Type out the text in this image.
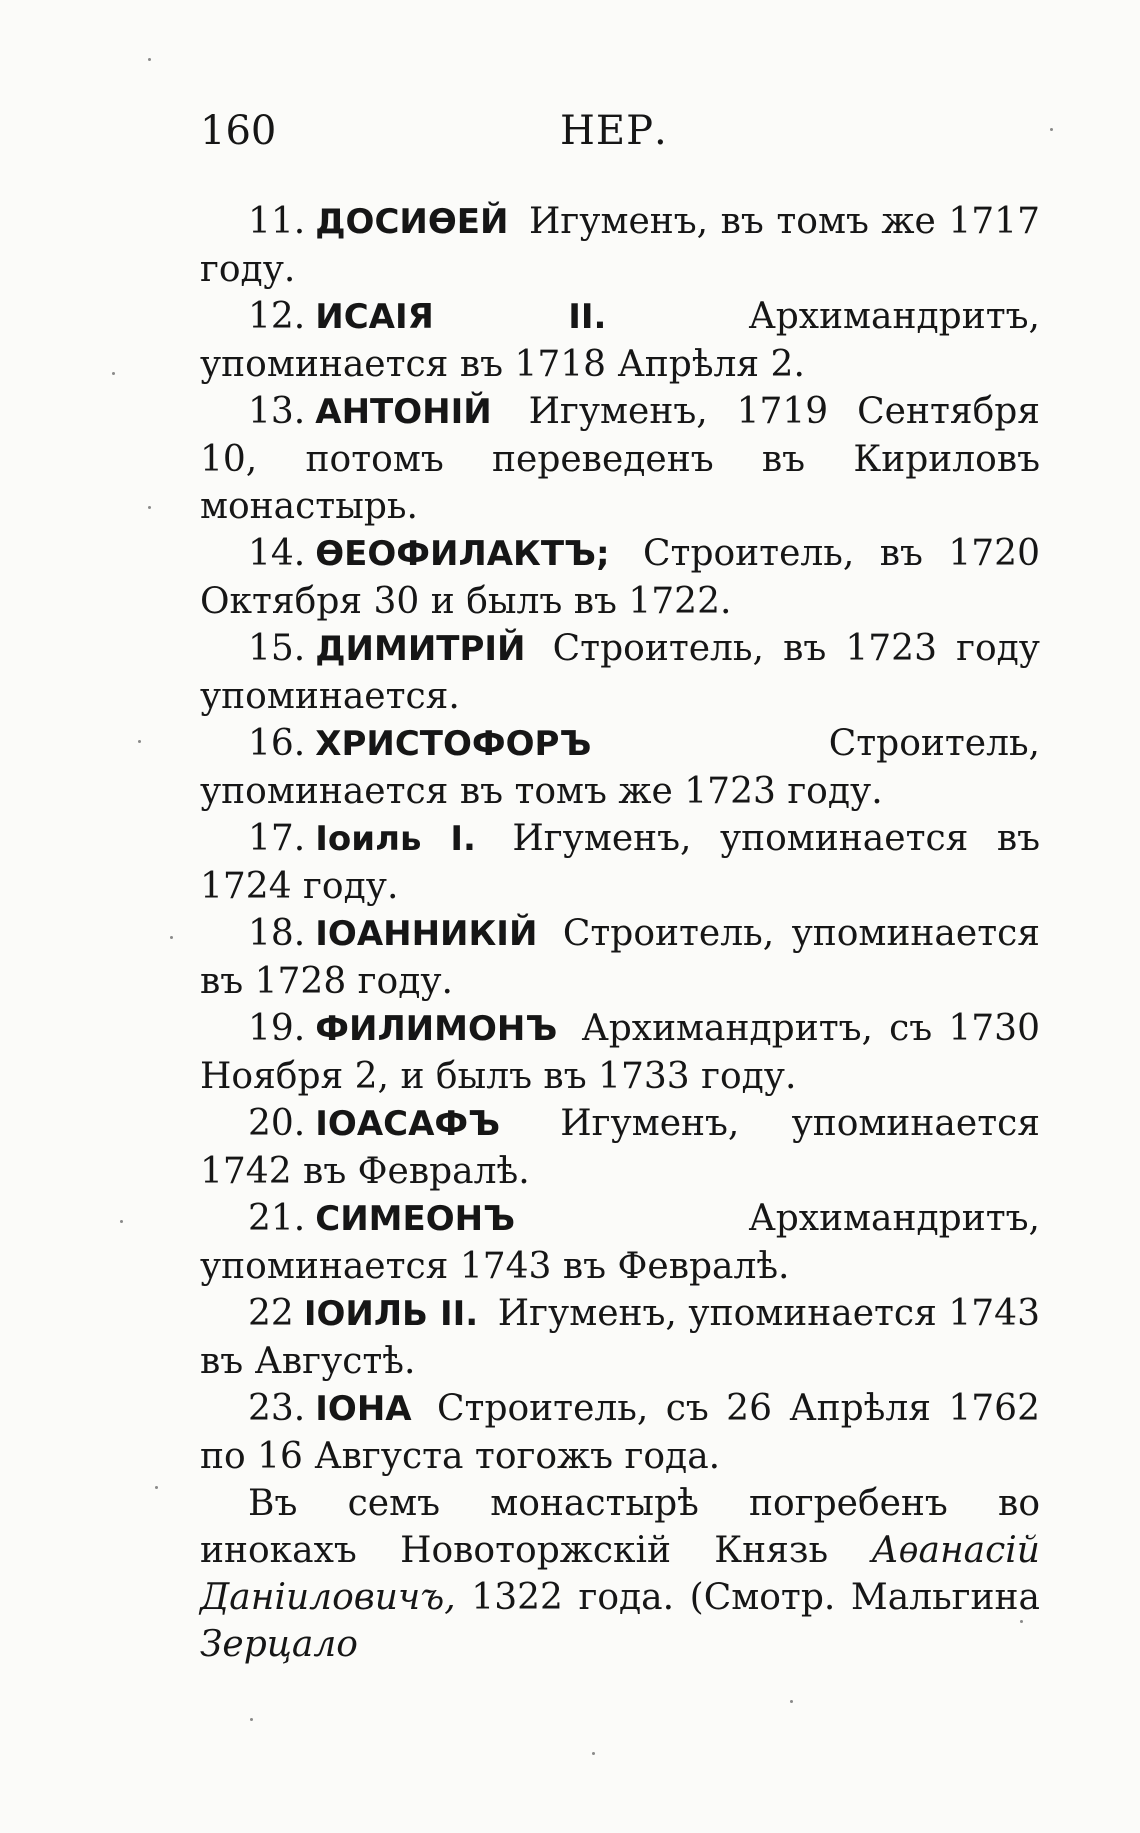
160	НЕР.

11. ДОСИӨЕЙ Игуменъ, въ томъ же 1717 году.

12. ИСАІЯ II.	Архимандритъ, упоминается въ 1718 Апрѣля 2.

13. АНТОНІЙ Игуменъ, 1719 Сентября 10, потомъ переведенъ въ Кириловъ монастырь.

14. ӨЕОФИЛАКТЪ; Строитель, въ 1720 Октября 30 и былъ въ 1722.

15. ДИМИТРІЙ Строитель, въ 1723 году упоминается.

16. ХРИСТОФОРЪ	Строитель, упоминается въ томъ же 1723 году.

17. Іоиль I. Игуменъ, упоминается въ 1724 году.

18. ІОАННИКІЙ Строитель, упоминается въ 1728 году.

19. ФИЛИМОНЪ Архимандритъ, съ 1730 Ноября 2, и былъ въ 1733 году.

20. ІОАСАФЪ Игуменъ, упоминается 1742 въ Февралѣ.

21. СИМЕОНЪ	Архимандритъ, упоминается 1743 въ Февралѣ.

22 ІОИЛЬ II. Игуменъ, упоминается 1743 въ Августѣ.

23. ІОНА Строитель, съ 26 Апрѣля 1762 по 16 Августа тогожъ года.

Въ семъ монастырѣ погребенъ во инокахъ Новоторжскій Князь Аѳанасій Даніиловичъ, 1322 года. (Смотр. Мальгина Зерцало
